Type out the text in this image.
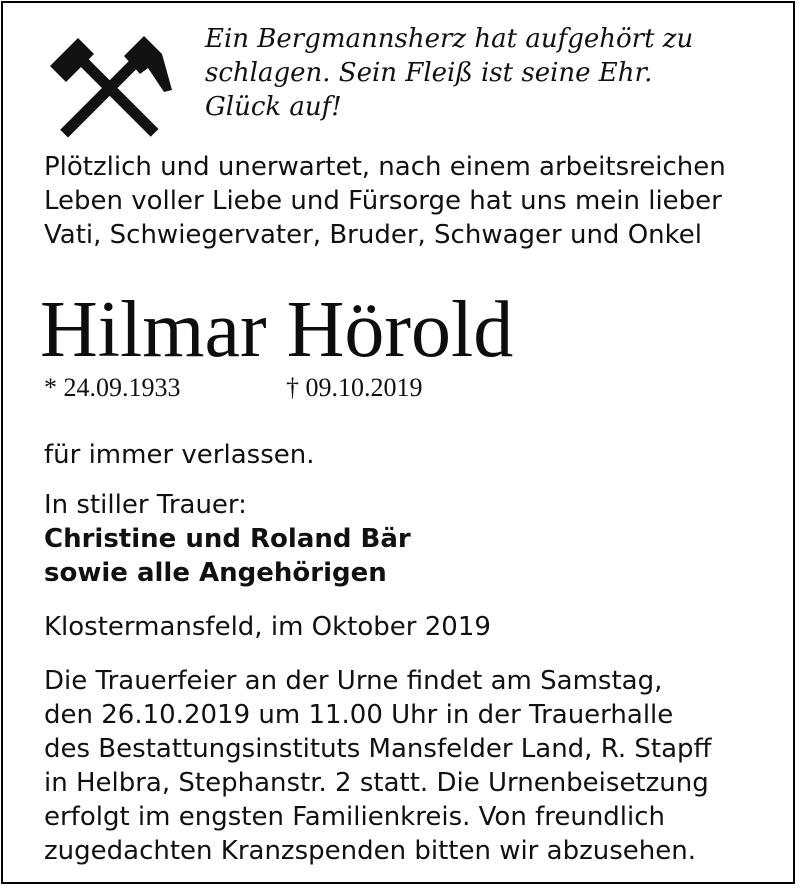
Ein Bergmannsherz hat aufgehört zu
schlagen. Sein Fleiß ist seine Ehr.
Glück auf!
Plötzlich und unerwartet, nach einem arbeitsreichen
Leben voller Liebe und Fürsorge hat uns mein lieber
Vati, Schwiegervater, Bruder, Schwager und Onkel
Hilmar Hörold
* 24.09.1933	† 09.10.2019
für immer verlassen.
In stiller Trauer:
Christine und Roland Bär
sowie alle Angehörigen
Klostermansfeld, im Oktober 2019
Die Trauerfeier an der Urne findet am Samstag,
den 26.10.2019 um 11.00 Uhr in der Trauerhalle
des Bestattungsinstituts Mansfelder Land, R. Stapff
in Helbra, Stephanstr. 2 statt. Die Urnenbeisetzung
erfolgt im engsten Familienkreis. Von freundlich
zugedachten Kranzspenden bitten wir abzusehen.
